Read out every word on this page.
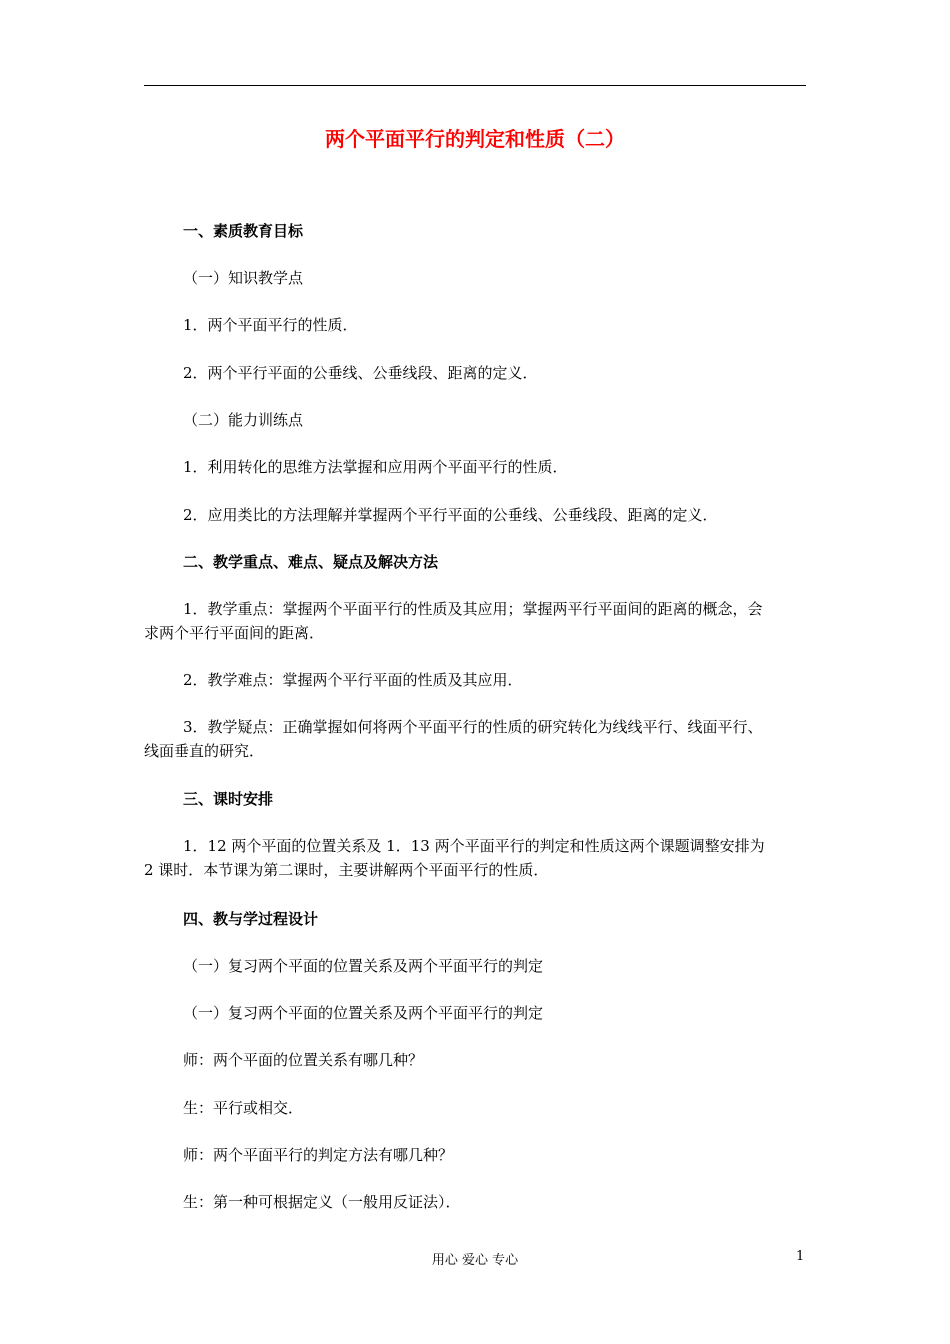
两个平面平行的判定和性质（二）
一、素质教育目标
（一）知识教学点
1．两个平面平行的性质．
2．两个平行平面的公垂线、公垂线段、距离的定义．
（二）能力训练点
1．利用转化的思维方法掌握和应用两个平面平行的性质．
2．应用类比的方法理解并掌握两个平行平面的公垂线、公垂线段、距离的定义．
二、教学重点、难点、疑点及解决方法
1．教学重点：掌握两个平面平行的性质及其应用；掌握两平行平面间的距离的概念，会
求两个平行平面间的距离．
2．教学难点：掌握两个平行平面的性质及其应用．
3．教学疑点：正确掌握如何将两个平面平行的性质的研究转化为线线平行、线面平行、
线面垂直的研究．
三、课时安排
1．12 两个平面的位置关系及 1．13 两个平面平行的判定和性质这两个课题调整安排为
2 课时．本节课为第二课时，主要讲解两个平面平行的性质．
四、教与学过程设计
（一）复习两个平面的位置关系及两个平面平行的判定
（一）复习两个平面的位置关系及两个平面平行的判定
师：两个平面的位置关系有哪几种？
生：平行或相交．
师：两个平面平行的判定方法有哪几种？
生：第一种可根据定义（一般用反证法）．
用心 爱心 专心	1
